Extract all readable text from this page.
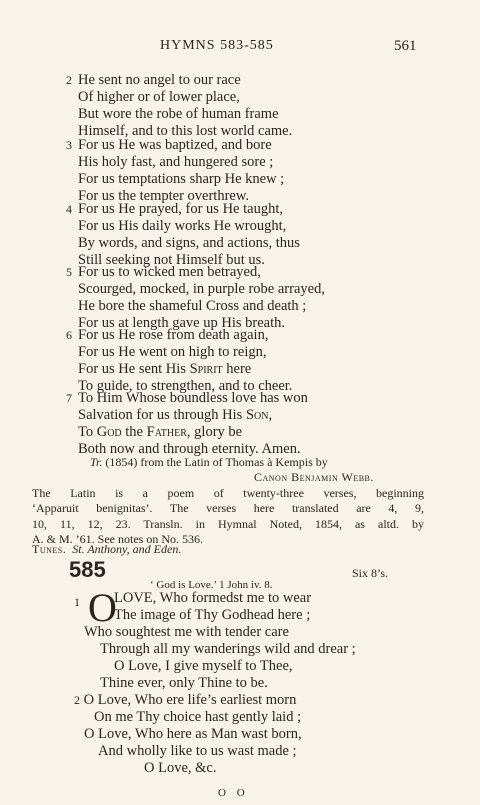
HYMNS 583-585	561
2 He sent no angel to our race
Of higher or of lower place,
But wore the robe of human frame
Himself, and to this lost world came.
3 For us He was baptized, and bore
His holy fast, and hungered sore ;
For us temptations sharp He knew ;
For us the tempter overthrew.
4 For us He prayed, for us He taught,
For us His daily works He wrought,
By words, and signs, and actions, thus
Still seeking not Himself but us.
5 For us to wicked men betrayed,
Scourged, mocked, in purple robe arrayed,
He bore the shameful Cross and death ;
For us at length gave up His breath.
6 For us He rose from death again,
For us He went on high to reign,
For us He sent His Spirit here
To guide, to strengthen, and to cheer.
7 To Him Whose boundless love has won
Salvation for us through His Son,
To God the Father, glory be
Both now and through eternity. Amen.
Tr. (1854) from the Latin of Thomas à Kempis by
Canon Benjamin Webb.
The Latin is a poem of twenty-three verses, beginning
‘Apparuit benignitas’. The verses here translated are 4, 9,
10, 11, 12, 23. Transln. in Hymnal Noted, 1854, as altd. by
A. & M. ’61. See notes on No. 536.
Tunes. St. Anthony, and Eden.
585	Six 8’s.
‘ God is Love.’ 1 John iv. 8.
1 O
LOVE, Who formedst me to wear
The image of Thy Godhead here ;
Who soughtest me with tender care
Through all my wanderings wild and drear ;
O Love, I give myself to Thee,
Thine ever, only Thine to be.
2 O Love, Who ere life’s earliest morn
On me Thy choice hast gently laid ;
O Love, Who here as Man wast born,
And wholly like to us wast made ;
O Love, &c.
O O
